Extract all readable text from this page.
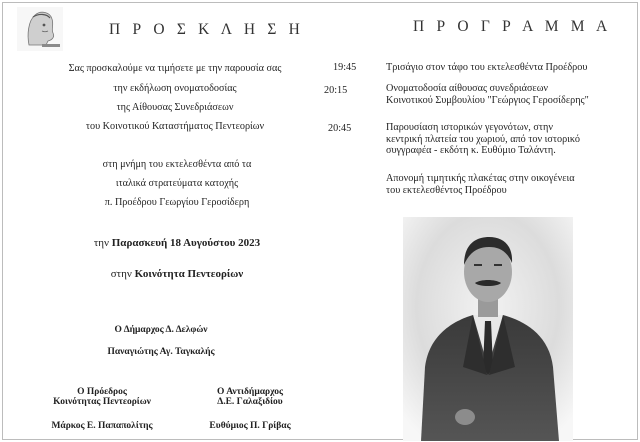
Π Ρ Ο Σ Κ Λ Η Σ Η
Σας προσκαλούμε να τιμήσετε με την παρουσία σας
την εκδήλωση ονοματοδοσίας
της Αίθουσας Συνεδριάσεων
του Κοινοτικού Καταστήματος Πεντεορίων
στη μνήμη του εκτελεσθέντα από τα
ιταλικά στρατεύματα κατοχής
π. Προέδρου Γεωργίου Γεροσίδερη
την Παρασκευή 18 Αυγούστου 2023
στην Κοινότητα Πεντεορίων
Ο Δήμαρχος Δ. Δελφών
Παναγιώτης Αγ. Ταγκαλής
Ο Πρόεδρος
Κοινότητας Πεντεορίων
Μάρκος Ε. Παπαπολίτης
Ο Αντιδήμαρχος
Δ.Ε. Γαλαξιδίου
Ευθύμιος Π. Γρίβας
Π Ρ Ο Γ Ρ Α Μ Μ Α
19:45
20:15
20:45
Τρισάγιο στον τάφο του εκτελεσθέντα Προέδρου
Ονοματοδοσία αίθουσας συνεδριάσεων
Κοινοτικού Συμβουλίου "Γεώργιος Γεροσίδερης"
Παρουσίαση ιστορικών γεγονότων, στην
κεντρική πλατεία του χωριού, από τον ιστορικό
συγγραφέα - εκδότη κ. Ευθύμιο Ταλάντη.
Απονομή τιμητικής πλακέτας στην οικογένεια
του εκτελεσθέντος Προέδρου
